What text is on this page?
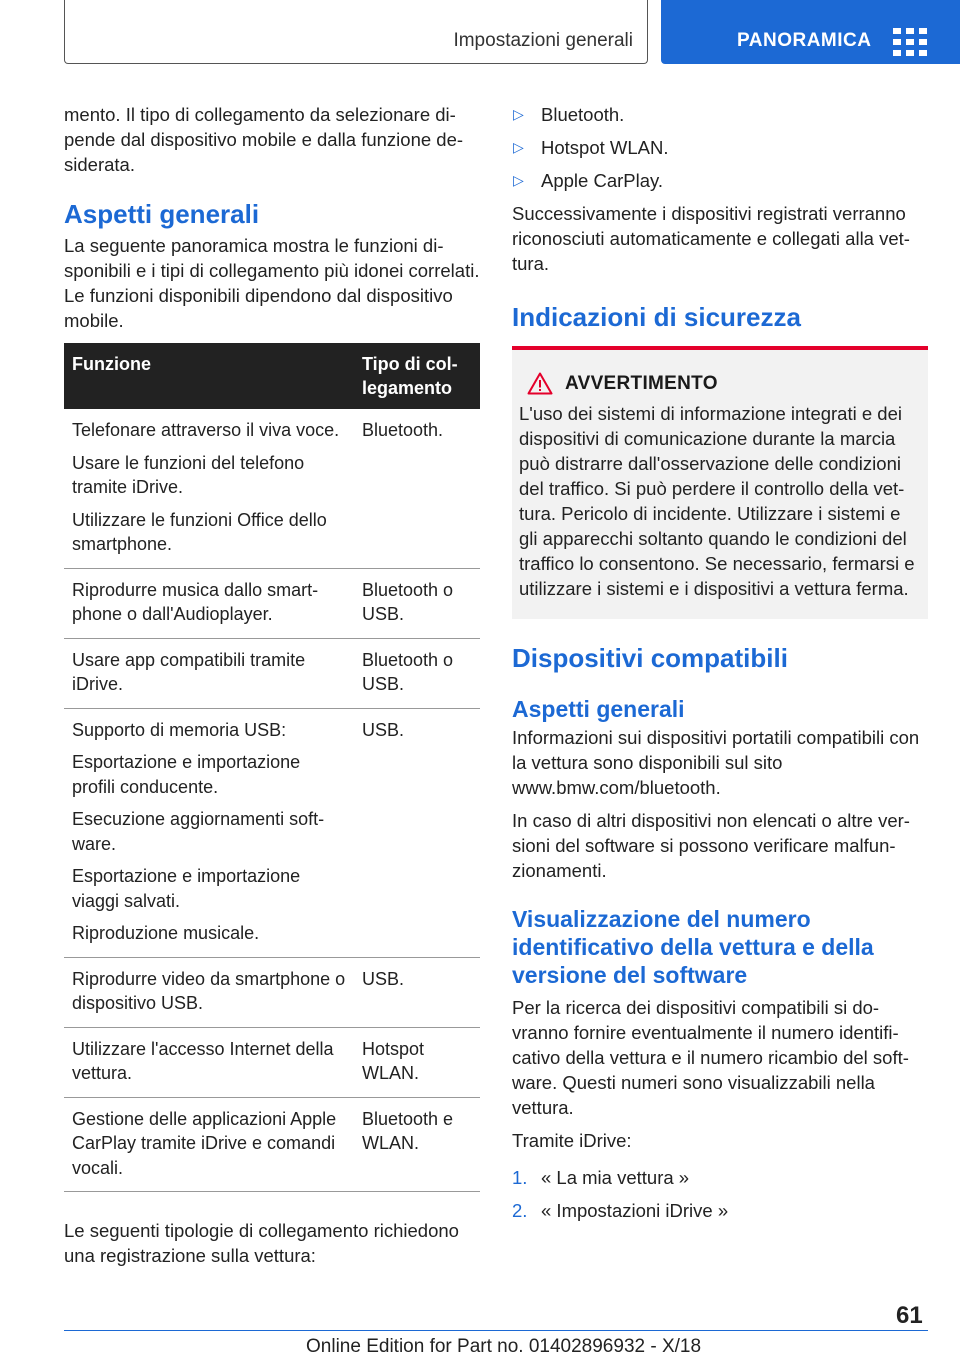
Impostazioni generali	PANORAMICA

mento. Il tipo di collegamento da selezionare dipende dal dispositivo mobile e dalla funzione desiderata.

Aspetti generali

La seguente panoramica mostra le funzioni disponibili e i tipi di collegamento più idonei correlati. Le funzioni disponibili dipendono dal dispositivo mobile.

Funzione	Tipo di collegamento

Telefonare attraverso il viva voce.
Usare le funzioni del telefono tramite iDrive.
Utilizzare le funzioni Office dello smartphone.	Bluetooth.

Riprodurre musica dallo smartphone o dall'Audioplayer.	Bluetooth o USB.

Usare app compatibili tramite iDrive.	Bluetooth o USB.

Supporto di memoria USB:
Esportazione e importazione profili conducente.
Esecuzione aggiornamenti software.
Esportazione e importazione viaggi salvati.
Riproduzione musicale.	USB.

Riprodurre video da smartphone o dispositivo USB.	USB.

Utilizzare l'accesso Internet della vettura.	Hotspot WLAN.

Gestione delle applicazioni Apple CarPlay tramite iDrive e comandi vocali.	Bluetooth e WLAN.

Le seguenti tipologie di collegamento richiedono una registrazione sulla vettura:

▷ Bluetooth.
▷ Hotspot WLAN.
▷ Apple CarPlay.

Successivamente i dispositivi registrati verranno riconosciuti automaticamente e collegati alla vettura.

Indicazioni di sicurezza
AVVERTIMENTO

L'uso dei sistemi di informazione integrati e dei dispositivi di comunicazione durante la marcia può distrarre dall'osservazione delle condizioni del traffico. Si può perdere il controllo della vettura. Pericolo di incidente. Utilizzare i sistemi e gli apparecchi soltanto quando le condizioni del traffico lo consentono. Se necessario, fermarsi e utilizzare i sistemi e i dispositivi a vettura ferma.

Dispositivi compatibili
Aspetti generali

Informazioni sui dispositivi portatili compatibili con la vettura sono disponibili sul sito www.bmw.com/bluetooth.

In caso di altri dispositivi non elencati o altre versioni del software si possono verificare malfunzionamenti.

Visualizzazione del numero identificativo della vettura e della versione del software

Per la ricerca dei dispositivi compatibili si dovranno fornire eventualmente il numero identificativo della vettura e il numero ricambio del software. Questi numeri sono visualizzabili nella vettura.

Tramite iDrive:

1. « La mia vettura »
2. « Impostazioni iDrive »
61
Online Edition for Part no. 01402896932 - X/18
